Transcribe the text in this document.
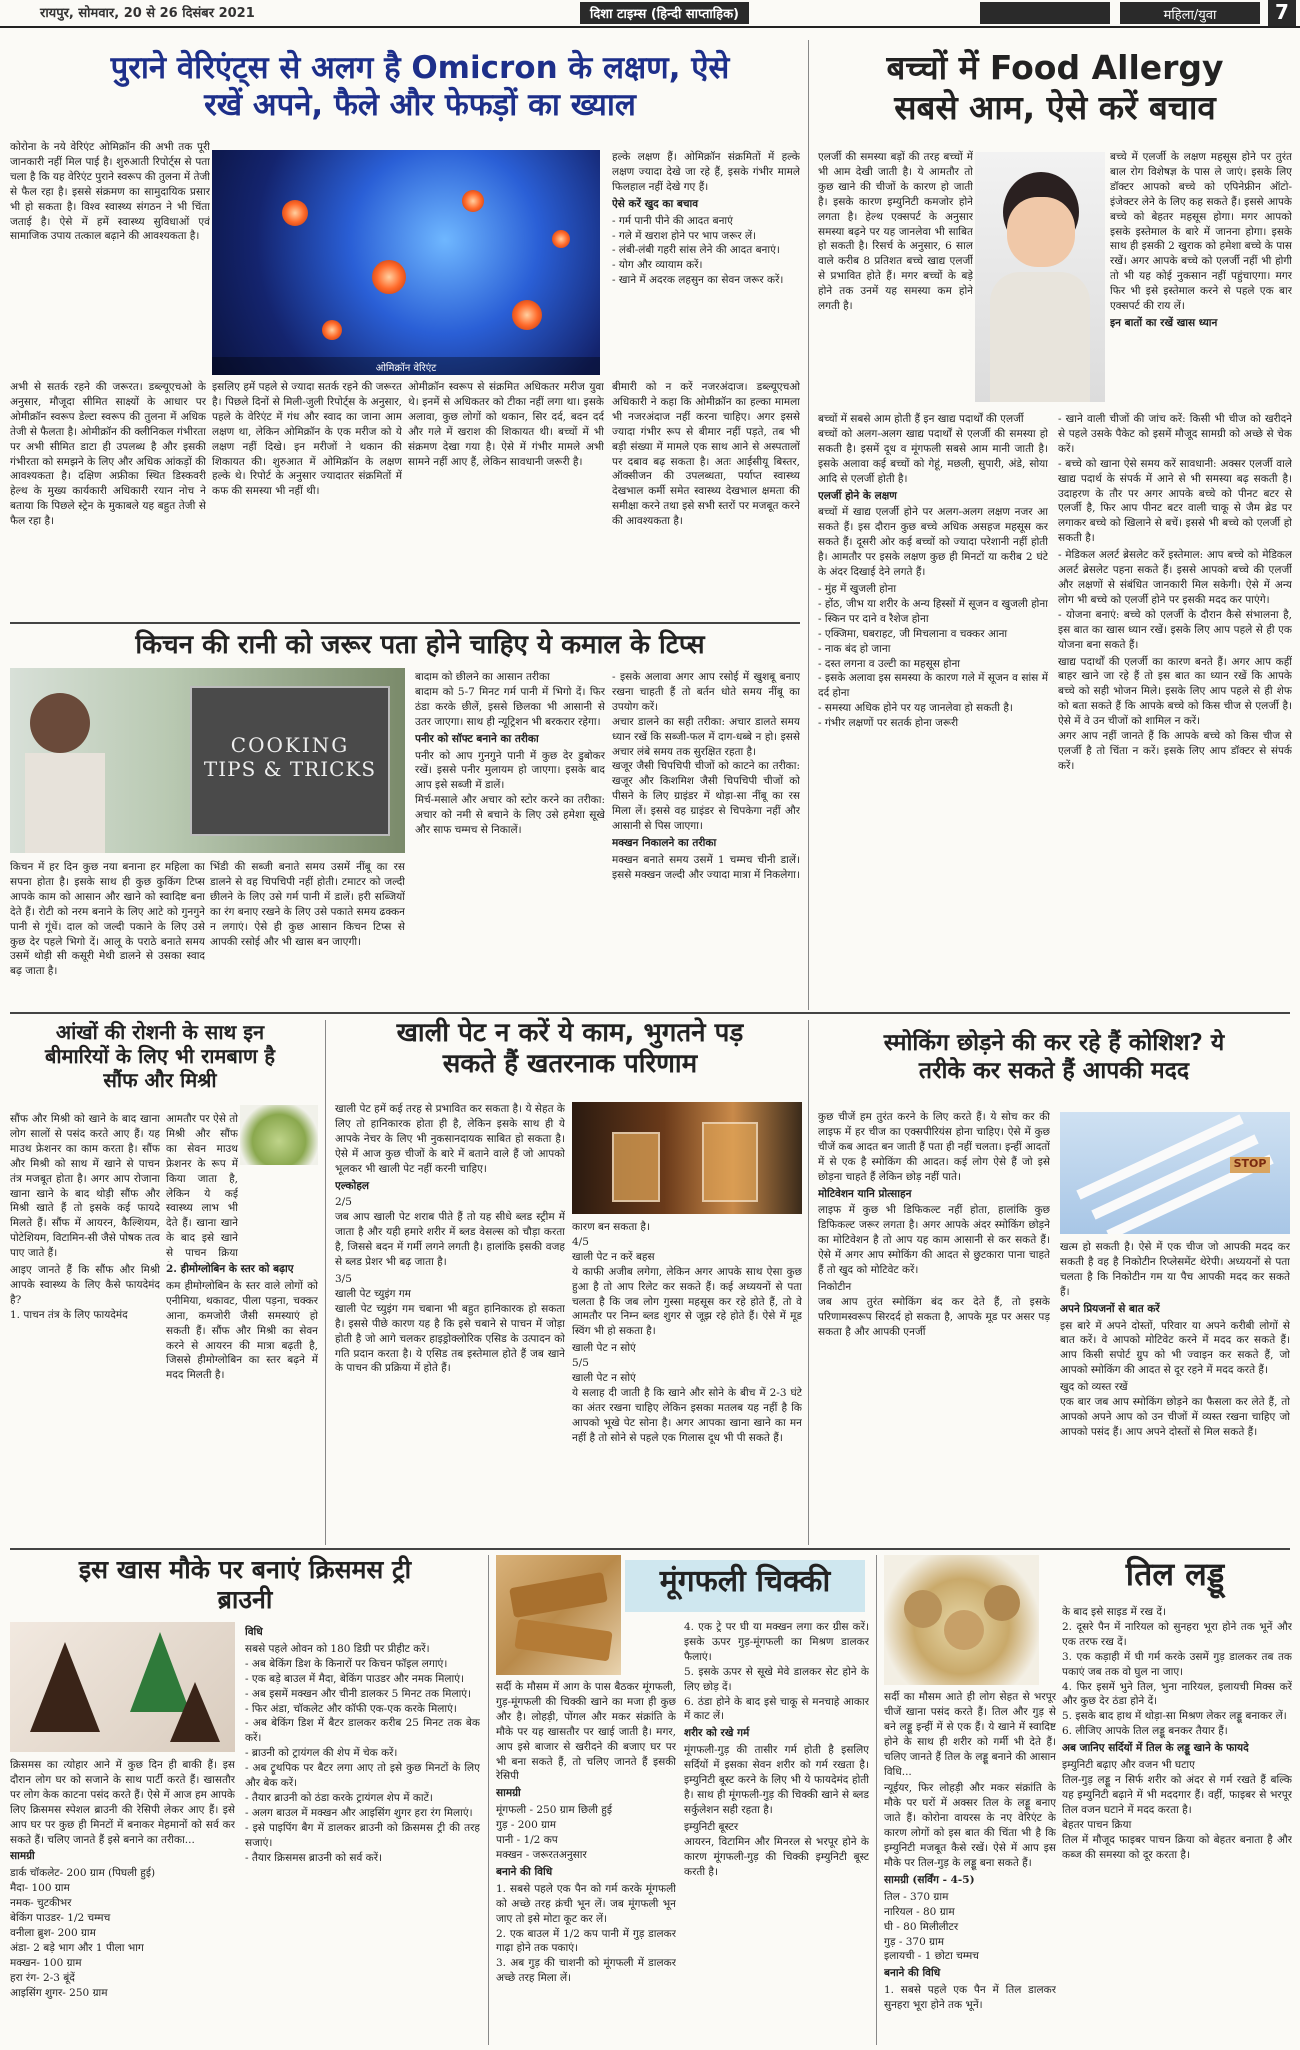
रायपुर, सोमवार, 20 से 26 दिसंबर 2021	दिशा टाइम्स (हिन्दी साप्ताहिक)	महिला/युवा	7
पुराने वेरिएंट्स से अलग है Omicron के लक्षण, ऐसे
रखें अपने, फैले और फेफड़ों का ख्याल

कोरोना के नये वेरिएंट ओमिक्रॉन की अभी तक पूरी जानकारी नहीं मिल पाई है। शुरुआती रिपोर्ट्स से पता चला है कि यह वेरिएंट पुराने स्वरूप की तुलना में तेजी से फैल रहा है। इससे संक्रमण का सामुदायिक प्रसार भी हो सकता है। विश्व स्वास्थ्य संगठन ने भी चिंता जताई है। ऐसे में हमें स्वास्थ्य सुविधाओं एवं सामाजिक उपाय तत्काल बढ़ाने की आवश्यकता है।

ओमिक्रॉन वेरिएंट

हल्के लक्षण हैं। ओमिक्रॉन संक्रमितों में हल्के लक्षण ज्यादा देखे जा रहे हैं, इसके गंभीर मामले फिलहाल नहीं देखे गए हैं।

ऐसे करें खुद का बचाव

- गर्म पानी पीने की आदत बनाएं
- गले में खराश होने पर भाप जरूर लें।
- लंबी-लंबी गहरी सांस लेने की आदत बनाएं।
- योग और व्यायाम करें।
- खाने में अदरक लहसुन का सेवन जरूर करें।

अभी से सतर्क रहने की जरूरत। डब्ल्यूएचओ के अनुसार, मौजूदा सीमित साक्ष्यों के आधार पर ओमीक्रॉन स्वरूप डेल्टा स्वरूप की तुलना में अधिक तेजी से फैलता है। ओमीक्रॉन की क्लीनिकल गंभीरता पर अभी सीमित डाटा ही उपलब्ध है और इसकी गंभीरता को समझने के लिए और अधिक आंकड़ों की आवश्यकता है। दक्षिण अफ्रीका स्थित डिस्कवरी हेल्थ के मुख्य कार्यकारी अधिकारी रयान नोच ने बताया कि पिछले स्ट्रेन के मुकाबले यह बहुत तेजी से फैल रहा है।

इसलिए हमें पहले से ज्यादा सतर्क रहने की जरूरत है। पिछले दिनों से मिली-जुली रिपोर्ट्स के अनुसार, पहले के वेरिएंट में गंध और स्वाद का जाना आम लक्षण था, लेकिन ओमिक्रॉन के एक मरीज को ये लक्षण नहीं दिखे। इन मरीजों ने थकान की शिकायत की। शुरुआत में ओमिक्रॉन के लक्षण हल्के थे। रिपोर्ट के अनुसार ज्यादातर संक्रमितों में कफ की समस्या भी नहीं थी।

ओमीक्रॉन स्वरूप से संक्रमित अधिकतर मरीज युवा थे। इनमें से अधिकतर को टीका नहीं लगा था। इसके अलावा, कुछ लोगों को थकान, सिर दर्द, बदन दर्द और गले में खराश की शिकायत थी। बच्चों में भी संक्रमण देखा गया है। ऐसे में गंभीर मामले अभी सामने नहीं आए हैं, लेकिन सावधानी जरूरी है।

बीमारी को न करें नजरअंदाज। डब्ल्यूएचओ अधिकारी ने कहा कि ओमीक्रॉन का हल्का मामला भी नजरअंदाज नहीं करना चाहिए। अगर इससे ज्यादा गंभीर रूप से बीमार नहीं पड़ते, तब भी बड़ी संख्या में मामले एक साथ आने से अस्पतालों पर दबाव बढ़ सकता है। अतः आईसीयू बिस्तर, ऑक्सीजन की उपलब्धता, पर्याप्त स्वास्थ्य देखभाल कर्मी समेत स्वास्थ्य देखभाल क्षमता की समीक्षा करने तथा इसे सभी स्तरों पर मजबूत करने की आवश्यकता है।

किचन की रानी को जरूर पता होने चाहिए ये कमाल के टिप्स
COOKING
TIPS & TRICKS

बादाम को छीलने का आसान तरीका
बादाम को 5-7 मिनट गर्म पानी में भिगो दें। फिर ठंडा करके छीलें, इससे छिलका भी आसानी से उतर जाएगा। साथ ही न्यूट्रिशन भी बरकरार रहेगा।

पनीर को सॉफ्ट बनाने का तरीका

पनीर को आप गुनगुने पानी में कुछ देर डुबोकर रखें। इससे पनीर मुलायम हो जाएगा। इसके बाद आप इसे सब्जी में डालें।
मिर्च-मसाले और अचार को स्टोर करने का तरीका: अचार को नमी से बचाने के लिए उसे हमेशा सूखे और साफ चम्मच से निकालें।

- इसके अलावा अगर आप रसोई में खुशबू बनाए रखना चाहती हैं तो बर्तन धोते समय नींबू का उपयोग करें।
अचार डालने का सही तरीका: अचार डालते समय ध्यान रखें कि सब्जी-फल में दाग-धब्बे न हो। इससे अचार लंबे समय तक सुरक्षित रहता है।
खजूर जैसी चिपचिपी चीजों को काटने का तरीका: खजूर और किशमिश जैसी चिपचिपी चीजों को पीसने के लिए ग्राइंडर में थोड़ा-सा नींबू का रस मिला लें। इससे वह ग्राइंडर से चिपकेगा नहीं और आसानी से पिस जाएगा।

मक्खन निकालने का तरीका

मक्खन बनाते समय उसमें 1 चम्मच चीनी डालें। इससे मक्खन जल्दी और ज्यादा मात्रा में निकलेगा।

किचन में हर दिन कुछ नया बनाना हर महिला का सपना होता है। इसके साथ ही कुछ कुकिंग टिप्स आपके काम को आसान और खाने को स्वादिष्ट बना देते हैं। रोटी को नरम बनाने के लिए आटे को गुनगुने पानी से गूंधें। दाल को जल्दी पकाने के लिए उसे कुछ देर पहले भिगो दें। आलू के पराठे बनाते समय उसमें थोड़ी सी कसूरी मेथी डालने से उसका स्वाद बढ़ जाता है।

भिंडी की सब्जी बनाते समय उसमें नींबू का रस डालने से वह चिपचिपी नहीं होती। टमाटर को जल्दी छीलने के लिए उसे गर्म पानी में डालें। हरी सब्जियों का रंग बनाए रखने के लिए उसे पकाते समय ढक्कन न लगाएं। ऐसे ही कुछ आसान किचन टिप्स से आपकी रसोई और भी खास बन जाएगी।

बच्चों में Food Allergy
सबसे आम, ऐसे करें बचाव

एलर्जी की समस्या बड़ों की तरह बच्चों में भी आम देखी जाती है। ये आमतौर तो कुछ खाने की चीजों के कारण हो जाती है। इसके कारण इम्युनिटी कमजोर होने लगता है। हेल्थ एक्सपर्ट के अनुसार समस्या बढ़ने पर यह जानलेवा भी साबित हो सकती है। रिसर्च के अनुसार, 6 साल वाले करीब 8 प्रतिशत बच्चे खाद्य एलर्जी से प्रभावित होते हैं। मगर बच्चों के बड़े होने तक उनमें यह समस्या कम होने लगती है।

बच्चे में एलर्जी के लक्षण महसूस होने पर तुरंत बाल रोग विशेषज्ञ के पास ले जाएं। इसके लिए डॉक्टर आपको बच्चे को एपिनेफ्रीन ऑटो-इंजेक्टर लेने के लिए कह सकते हैं। इससे आपके बच्चे को बेहतर महसूस होगा। मगर आपको इसके इस्तेमाल के बारे में जानना होगा। इसके साथ ही इसकी 2 खुराक को हमेशा बच्चे के पास रखें। अगर आपके बच्चे को एलर्जी नहीं भी होगी तो भी यह कोई नुकसान नहीं पहुंचाएगा। मगर फिर भी इसे इस्तेमाल करने से पहले एक बार एक्सपर्ट की राय लें।

इन बातों का रखें खास ध्यान

बच्चों में सबसे आम होती हैं इन खाद्य पदार्थों की एलर्जी
बच्चों को अलग-अलग खाद्य पदार्थों से एलर्जी की समस्या हो सकती है। इसमें दूध व मूंगफली सबसे आम मानी जाती है। इसके अलावा कई बच्चों को गेहूं, मछली, सुपारी, अंडे, सोया आदि से एलर्जी होती है।

एलर्जी होने के लक्षण

बच्चों में खाद्य एलर्जी होने पर अलग-अलग लक्षण नजर आ सकते हैं। इस दौरान कुछ बच्चे अधिक असहज महसूस कर सकते हैं। दूसरी ओर कई बच्चों को ज्यादा परेशानी नहीं होती है। आमतौर पर इसके लक्षण कुछ ही मिनटों या करीब 2 घंटे के अंदर दिखाई देने लगते हैं।

- मुंह में खुजली होना
- होंठ, जीभ या शरीर के अन्य हिस्सों में सूजन व खुजली होना
- स्किन पर दाने व रैशेज होना
- एक्जिमा, घबराहट, जी मिचलाना व चक्कर आना
- नाक बंद हो जाना
- दस्त लगना व उल्टी का महसूस होना
- इसके अलावा इस समस्या के कारण गले में सूजन व सांस में दर्द होना
- समस्या अधिक होने पर यह जानलेवा हो सकती है।
- गंभीर लक्षणों पर सतर्क होना जरूरी

- खाने वाली चीजों की जांच करें: किसी भी चीज को खरीदने से पहले उसके पैकेट को इसमें मौजूद सामग्री को अच्छे से चेक करें।
- बच्चे को खाना ऐसे समय करें सावधानी: अक्सर एलर्जी वाले खाद्य पदार्थ के संपर्क में आने से भी समस्या बढ़ सकती है। उदाहरण के तौर पर अगर आपके बच्चे को पीनट बटर से एलर्जी है, फिर आप पीनट बटर वाली चाकू से जैम ब्रेड पर लगाकर बच्चे को खिलाने से बचें। इससे भी बच्चे को एलर्जी हो सकती है।

- मेडिकल अलर्ट ब्रेसलेट करें इस्तेमाल: आप बच्चे को मेडिकल अलर्ट ब्रेसलेट पहना सकते हैं। इससे आपको बच्चे की एलर्जी और लक्षणों से संबंधित जानकारी मिल सकेगी। ऐसे में अन्य लोग भी बच्चे को एलर्जी होने पर इसकी मदद कर पाएंगे।
- योजना बनाएं: बच्चे को एलर्जी के दौरान कैसे संभालना है, इस बात का खास ध्यान रखें। इसके लिए आप पहले से ही एक योजना बना सकते हैं।

खाद्य पदार्थों की एलर्जी का कारण बनते हैं। अगर आप कहीं बाहर खाने जा रहे हैं तो इस बात का ध्यान रखें कि आपके बच्चे को सही भोजन मिले। इसके लिए आप पहले से ही शेफ को बता सकते हैं कि आपके बच्चे को किस चीज से एलर्जी है। ऐसे में वे उन चीजों को शामिल न करें।
अगर आप नहीं जानते हैं कि आपके बच्चे को किस चीज से एलर्जी है तो चिंता न करें। इसके लिए आप डॉक्टर से संपर्क करें।

आंखों की रोशनी के साथ इन
बीमारियों के लिए भी रामबाण है
सौंफ और मिश्री

सौंफ और मिश्री को खाने के बाद खाना लोग सालों से पसंद करते आए हैं। यह माउथ फ्रेशनर का काम करता है। सौंफ और मिश्री को साथ में खाने से पाचन तंत्र मजबूत होता है। अगर आप रोजाना खाना खाने के बाद थोड़ी सौंफ और मिश्री खाते हैं तो इसके कई फायदे मिलते हैं। सौंफ में आयरन, कैल्शियम, पोटेशियम, विटामिन-सी जैसे पोषक तत्व पाए जाते हैं।

आइए जानते हैं कि सौंफ और मिश्री आपके स्वास्थ्य के लिए कैसे फायदेमंद है?
1. पाचन तंत्र के लिए फायदेमंद

आमतौर पर ऐसे तो मिश्री और सौंफ का सेवन माउथ फ्रेशनर के रूप में किया जाता है, लेकिन ये कई स्वास्थ्य लाभ भी देते हैं। खाना खाने के बाद इसे खाने से पाचन क्रिया

2. हीमोग्लोबिन के स्तर को बढ़ाए

कम हीमोग्लोबिन के स्तर वाले लोगों को एनीमिया, थकावट, पीला पड़ना, चक्कर आना, कमजोरी जैसी समस्याएं हो सकती हैं। सौंफ और मिश्री का सेवन करने से आयरन की मात्रा बढ़ती है, जिससे हीमोग्लोबिन का स्तर बढ़ने में मदद मिलती है।

खाली पेट न करें ये काम, भुगतने पड़
सकते हैं खतरनाक परिणाम

खाली पेट हमें कई तरह से प्रभावित कर सकता है। ये सेहत के लिए तो हानिकारक होता ही है, लेकिन इसके साथ ही ये आपके नेचर के लिए भी नुकसानदायक साबित हो सकता है। ऐसे में आज कुछ चीजों के बारे में बताने वाले हैं जो आपको भूलकर भी खाली पेट नहीं करनी चाहिए।

एल्कोहल

2/5
जब आप खाली पेट शराब पीते हैं तो यह सीधे ब्लड स्ट्रीम में जाता है और यही हमारे शरीर में ब्लड वेसल्स को चौड़ा करता है, जिससे बदन में गर्मी लगने लगती है। हालांकि इसकी वजह से ब्लड प्रेशर भी बढ़ जाता है।

3/5
खाली पेट च्युइंग गम
खाली पेट च्युइंग गम चबाना भी बहुत हानिकारक हो सकता है। इससे पीछे कारण यह है कि इसे चबाने से पाचन में जोड़ा होती है जो आगे चलकर हाइड्रोक्लोरिक एसिड के उत्पादन को गति प्रदान करता है। ये एसिड तब इस्तेमाल होते हैं जब खाने के पाचन की प्रक्रिया में होते हैं।

कारण बन सकता है।
4/5
खाली पेट न करें बहस
ये काफी अजीब लगेगा, लेकिन अगर आपके साथ ऐसा कुछ हुआ है तो आप रिलेट कर सकते हैं। कई अध्ययनों से पता चलता है कि जब लोग गुस्सा महसूस कर रहे होते हैं, तो वे आमतौर पर निम्न ब्लड शुगर से जूझ रहे होते हैं। ऐसे में मूड स्विंग भी हो सकता है।

खाली पेट न सोएं
5/5
खाली पेट न सोएं
ये सलाह दी जाती है कि खाने और सोने के बीच में 2-3 घंटे का अंतर रखना चाहिए लेकिन इसका मतलब यह नहीं है कि आपको भूखे पेट सोना है। अगर आपका खाना खाने का मन नहीं है तो सोने से पहले एक गिलास दूध भी पी सकते हैं।

स्मोकिंग छोड़ने की कर रहे हैं कोशिश? ये
तरीके कर सकते हैं आपकी मदद

कुछ चीजें हम तुरंत करने के लिए करते हैं। ये सोच कर की लाइफ में हर चीज का एक्सपीरियंस होना चाहिए। ऐसे में कुछ चीजें कब आदत बन जाती हैं पता ही नहीं चलता। इन्हीं आदतों में से एक है स्मोकिंग की आदत। कई लोग ऐसे हैं जो इसे छोड़ना चाहते हैं लेकिन छोड़ नहीं पाते।

मोटिवेशन यानि प्रोत्साहन

लाइफ में कुछ भी डिफिकल्ट नहीं होता, हालांकि कुछ डिफिकल्ट जरूर लगता है। अगर आपके अंदर स्मोकिंग छोड़ने का मोटिवेशन है तो आप यह काम आसानी से कर सकते हैं। ऐसे में अगर आप स्मोकिंग की आदत से छुटकारा पाना चाहते हैं तो खुद को मोटिवेट करें।

निकोटीन
जब आप तुरंत स्मोकिंग बंद कर देते हैं, तो इसके परिणामस्वरूप सिरदर्द हो सकता है, आपके मूड पर असर पड़ सकता है और आपकी एनर्जी

STOP

खत्म हो सकती है। ऐसे में एक चीज जो आपकी मदद कर सकती है वह है निकोटीन रिप्लेसमेंट थेरेपी। अध्ययनों से पता चलता है कि निकोटीन गम या पैच आपकी मदद कर सकते हैं।

अपने प्रियजनों से बात करें

इस बारे में अपने दोस्तों, परिवार या अपने करीबी लोगों से बात करें। वे आपको मोटिवेट करने में मदद कर सकते हैं। आप किसी सपोर्ट ग्रुप को भी ज्वाइन कर सकते हैं, जो आपको स्मोकिंग की आदत से दूर रहने में मदद करते हैं।

खुद को व्यस्त रखें
एक बार जब आप स्मोकिंग छोड़ने का फैसला कर लेते हैं, तो आपको अपने आप को उन चीजों में व्यस्त रखना चाहिए जो आपको पसंद हैं। आप अपने दोस्तों से मिल सकते हैं।

इस खास मौके पर बनाएं क्रिसमस ट्री
ब्राउनी

क्रिसमस का त्योहार आने में कुछ दिन ही बाकी हैं। इस दौरान लोग घर को सजाने के साथ पार्टी करते हैं। खासतौर पर लोग केक काटना पसंद करते हैं। ऐसे में आज हम आपके लिए क्रिसमस स्पेशल ब्राउनी की रेसिपी लेकर आए हैं। इसे आप घर पर कुछ ही मिनटों में बनाकर मेहमानों को सर्व कर सकते हैं। चलिए जानते हैं इसे बनाने का तरीका...

सामग्री

डार्क चॉकलेट- 200 ग्राम (पिघली हुई)
मैदा- 100 ग्राम
नमक- चुटकीभर
बेकिंग पाउडर- 1/2 चम्मच
वनीला ब्रुश- 200 ग्राम
अंडा- 2 बड़े भाग और 1 पीला भाग
मक्खन- 100 ग्राम
हरा रंग- 2-3 बूंदें
आइसिंग शुगर- 250 ग्राम

विधि

सबसे पहले ओवन को 180 डिग्री पर प्रीहीट करें।
- अब बेकिंग डिश के किनारों पर किचन फॉइल लगाएं।
- एक बड़े बाउल में मैदा, बेकिंग पाउडर और नमक मिलाएं।
- अब इसमें मक्खन और चीनी डालकर 5 मिनट तक मिलाएं।
- फिर अंडा, चॉकलेट और कॉफी एक-एक करके मिलाएं।
- अब बेकिंग डिश में बैटर डालकर करीब 25 मिनट तक बेक करें।
- ब्राउनी को ट्रायंगल की शेप में चेक करें।
- अब ट्रूथपिक पर बैटर लगा आए तो इसे कुछ मिनटों के लिए और बेक करें।
- तैयार ब्राउनी को ठंडा करके ट्रायंगल शेप में काटें।
- अलग बाउल में मक्खन और आइसिंग शुगर हरा रंग मिलाएं।
- इसे पाइपिंग बैग में डालकर ब्राउनी को क्रिसमस ट्री की तरह सजाएं।
- तैयार क्रिसमस ब्राउनी को सर्व करें।

मूंगफली चिक्की

सर्दी के मौसम में आग के पास बैठकर मूंगफली, गुड़-मूंगफली की चिक्की खाने का मजा ही कुछ और है। लोहड़ी, पोंगल और मकर संक्रांति के मौके पर यह खासतौर पर खाई जाती है। मगर, आप इसे बाजार से खरीदने की बजाए घर पर भी बना सकते हैं, तो चलिए जानते हैं इसकी रेसिपी

सामग्री

मूंगफली - 250 ग्राम छिली हुई
गुड़ - 200 ग्राम
पानी - 1/2 कप
मक्खन - जरूरतअनुसार

बनाने की विधि

1. सबसे पहले एक पैन को गर्म करके मूंगफली को अच्छे तरह क्रंची भून लें। जब मूंगफली भून जाए तो इसे मोटा कूट कर लें।
2. एक बाउल में 1/2 कप पानी में गुड़ डालकर गाढ़ा होने तक पकाएं।
3. अब गुड़ की चाशनी को मूंगफली में डालकर अच्छे तरह मिला लें।

4. एक ट्रे पर घी या मक्खन लगा कर ग्रीस करें। इसके ऊपर गुड़-मूंगफली का मिश्रण डालकर फैलाएं।
5. इसके ऊपर से सूखे मेवे डालकर सेट होने के लिए छोड़ दें।
6. ठंडा होने के बाद इसे चाकू से मनचाहे आकार में काट लें।

शरीर को रखे गर्म

मूंगफली-गुड़ की तासीर गर्म होती है इसलिए सर्दियों में इसका सेवन शरीर को गर्म रखता है। इम्युनिटी बूस्ट करने के लिए भी ये फायदेमंद होती है। साथ ही मूंगफली-गुड़ की चिक्की खाने से ब्लड सर्कुलेशन सही रहता है।

इम्युनिटी बूस्टर
आयरन, विटामिन और मिनरल से भरपूर होने के कारण मूंगफली-गुड़ की चिक्की इम्युनिटी बूस्ट करती है।

तिल लड्डू

सर्दी का मौसम आते ही लोग सेहत से भरपूर चीजें खाना पसंद करते हैं। तिल और गुड़ से बने लड्डू इन्हीं में से एक हैं। ये खाने में स्वादिष्ट होने के साथ ही शरीर को गर्मी भी देते हैं। चलिए जानते हैं तिल के लड्डू बनाने की आसान विधि...

न्यूईयर, फिर लोहड़ी और मकर संक्रांति के मौके पर घरों में अक्सर तिल के लड्डू बनाए जाते हैं। कोरोना वायरस के नए वेरिएंट के कारण लोगों को इस बात की चिंता भी है कि इम्युनिटी मजबूत कैसे रखें। ऐसे में आप इस मौके पर तिल-गुड़ के लड्डू बना सकते हैं।

सामग्री (सर्विंग - 4-5)

तिल - 370 ग्राम
नारियल - 80 ग्राम
घी - 80 मिलीलीटर
गुड़ - 370 ग्राम
इलायची - 1 छोटा चम्मच

बनाने की विधि

1. सबसे पहले एक पैन में तिल डालकर सुनहरा भूरा होने तक भूनें।

के बाद इसे साइड में रख दें।
2. दूसरे पैन में नारियल को सुनहरा भूरा होने तक भूनें और एक तरफ रख दें।
3. एक कड़ाही में घी गर्म करके उसमें गुड़ डालकर तब तक पकाएं जब तक वो घुल ना जाए।
4. फिर इसमें भुने तिल, भुना नारियल, इलायची मिक्स करें और कुछ देर ठंडा होने दें।
5. इसके बाद हाथ में थोड़ा-सा मिश्रण लेकर लड्डू बनाकर लें।
6. लीजिए आपके तिल लड्डू बनकर तैयार हैं।

अब जानिए सर्दियों में तिल के लड्डू खाने के फायदे

इम्युनिटी बढ़ाए और वजन भी घटाए
तिल-गुड़ लड्डू न सिर्फ शरीर को अंदर से गर्म रखते हैं बल्कि यह इम्युनिटी बढ़ाने में भी मददगार हैं। वहीं, फाइबर से भरपूर तिल वजन घटाने में मदद करता है।
बेहतर पाचन क्रिया
तिल में मौजूद फाइबर पाचन क्रिया को बेहतर बनाता है और कब्ज की समस्या को दूर करता है।
